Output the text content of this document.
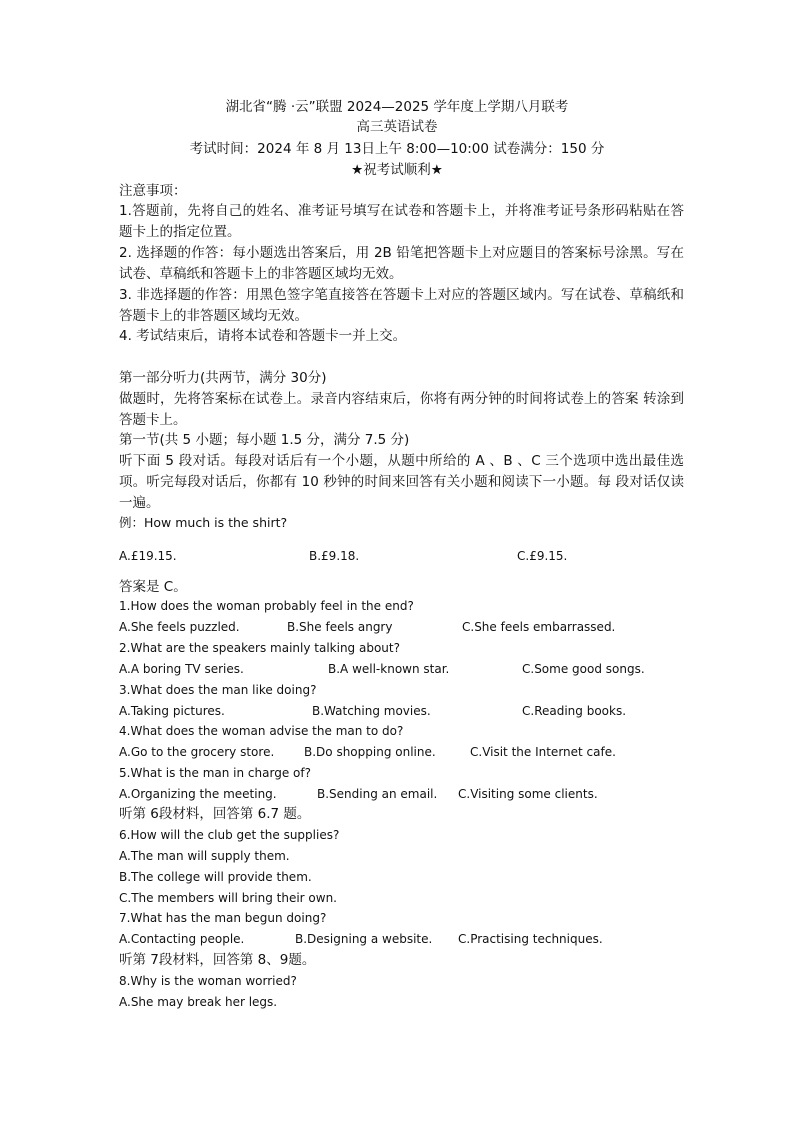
湖北省“腾 ·云”联盟 2024—2025 学年度上学期八月联考
高三英语试卷
考试时间：2024 年 8 月 13日上午 8:00—10:00 试卷满分：150 分
★祝考试顺利★
注意事项：
1.答题前，先将自己的姓名、准考证号填写在试卷和答题卡上，并将准考证号条形码粘贴在答题卡上的指定位置。
2. 选择题的作答：每小题选出答案后，用 2B 铅笔把答题卡上对应题目的答案标号涂黑。写在试卷、草稿纸和答题卡上的非答题区域均无效。
3. 非选择题的作答：用黑色签字笔直接答在答题卡上对应的答题区域内。写在试卷、草稿纸和答题卡上的非答题区域均无效。
4. 考试结束后，请将本试卷和答题卡一并上交。
第一部分听力(共两节，满分 30分)
做题时，先将答案标在试卷上。录音内容结束后，你将有两分钟的时间将试卷上的答案 转涂到答题卡上。
第一节(共 5 小题；每小题 1.5 分，满分 7.5 分)
听下面 5 段对话。每段对话后有一个小题，从题中所给的 A 、B 、C 三个选项中选出最佳选项。听完每段对话后，你都有 10 秒钟的时间来回答有关小题和阅读下一小题。每 段对话仅读一遍。
例：How much is the shirt?
A.£19.15.	B.£9.18.	C.£9.15.
答案是 C。
1.How does the woman probably feel in the end?
A.She feels puzzled.	B.She feels angry	C.She feels embarrassed.
2.What are the speakers mainly talking about?
A.A boring TV series.	B.A well-known star.	C.Some good songs.
3.What does the man like doing?
A.Taking pictures.	B.Watching movies.	C.Reading books.
4.What does the woman advise the man to do?
A.Go to the grocery store. B.Do shopping online.	C.Visit the Internet cafe.
5.What is the man in charge of?
A.Organizing the meeting.	B.Sending an email. C.Visiting some clients.
听第 6段材料，回答第 6.7 题。
6.How will the club get the supplies?
A.The man will supply them.
B.The college will provide them.
C.The members will bring their own.
7.What has the man begun doing?
A.Contacting people.	B.Designing a website. C.Practising techniques.
听第 7段材料，回答第 8、9题。
8.Why is the woman worried?
A.She may break her legs.
